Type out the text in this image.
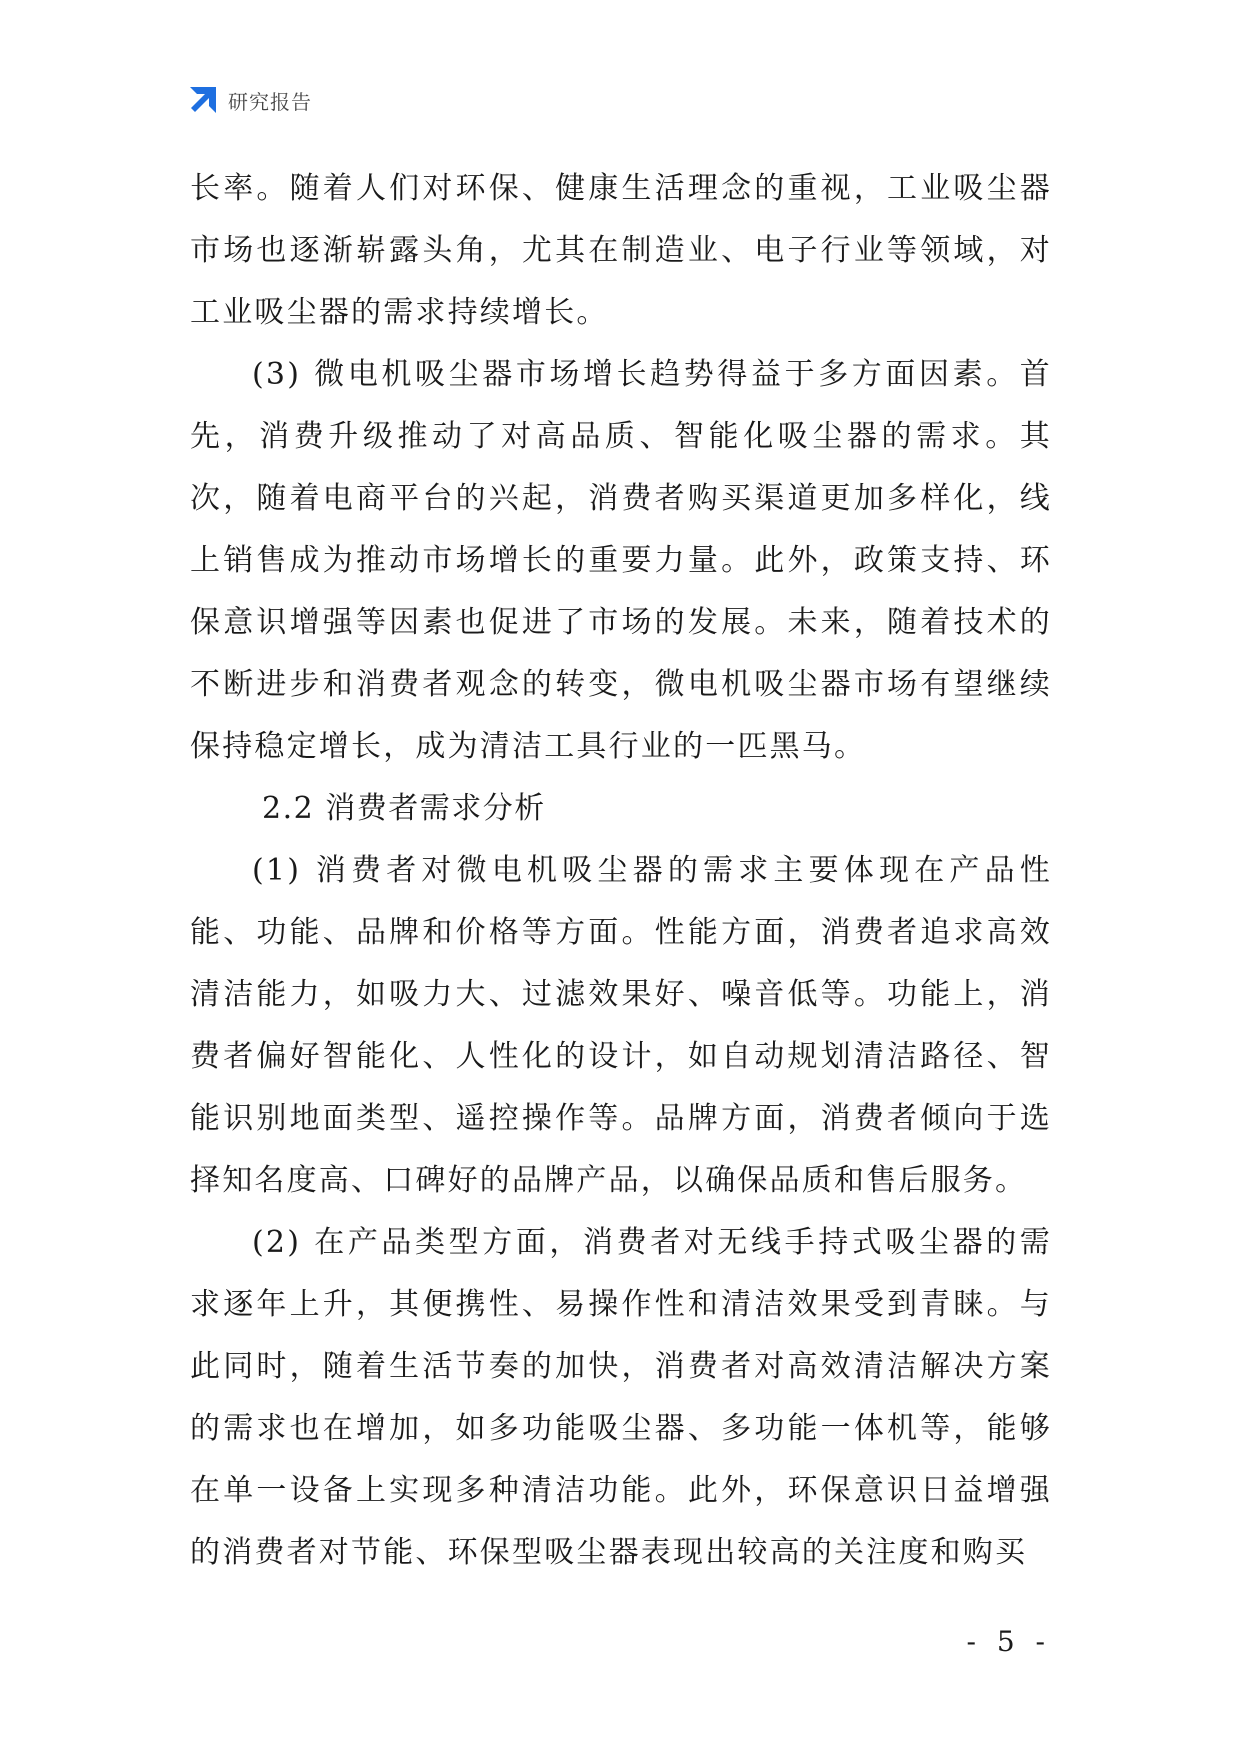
研究报告

长率。随着人们对环保、健康生活理念的重视，工业吸尘器市场也逐渐崭露头角，尤其在制造业、电子行业等领域，对工业吸尘器的需求持续增长。

(3) 微电机吸尘器市场增长趋势得益于多方面因素。首先，消费升级推动了对高品质、智能化吸尘器的需求。其次，随着电商平台的兴起，消费者购买渠道更加多样化，线上销售成为推动市场增长的重要力量。此外，政策支持、环保意识增强等因素也促进了市场的发展。未来，随着技术的不断进步和消费者观念的转变，微电机吸尘器市场有望继续保持稳定增长，成为清洁工具行业的一匹黑马。

2.2 消费者需求分析

(1) 消费者对微电机吸尘器的需求主要体现在产品性能、功能、品牌和价格等方面。性能方面，消费者追求高效清洁能力，如吸力大、过滤效果好、噪音低等。功能上，消费者偏好智能化、人性化的设计，如自动规划清洁路径、智能识别地面类型、遥控操作等。品牌方面，消费者倾向于选择知名度高、口碑好的品牌产品，以确保品质和售后服务。

(2) 在产品类型方面，消费者对无线手持式吸尘器的需求逐年上升，其便携性、易操作性和清洁效果受到青睐。与此同时，随着生活节奏的加快，消费者对高效清洁解决方案的需求也在增加，如多功能吸尘器、多功能一体机等，能够在单一设备上实现多种清洁功能。此外，环保意识日益增强的消费者对节能、环保型吸尘器表现出较高的关注度和购买

- 5 -
